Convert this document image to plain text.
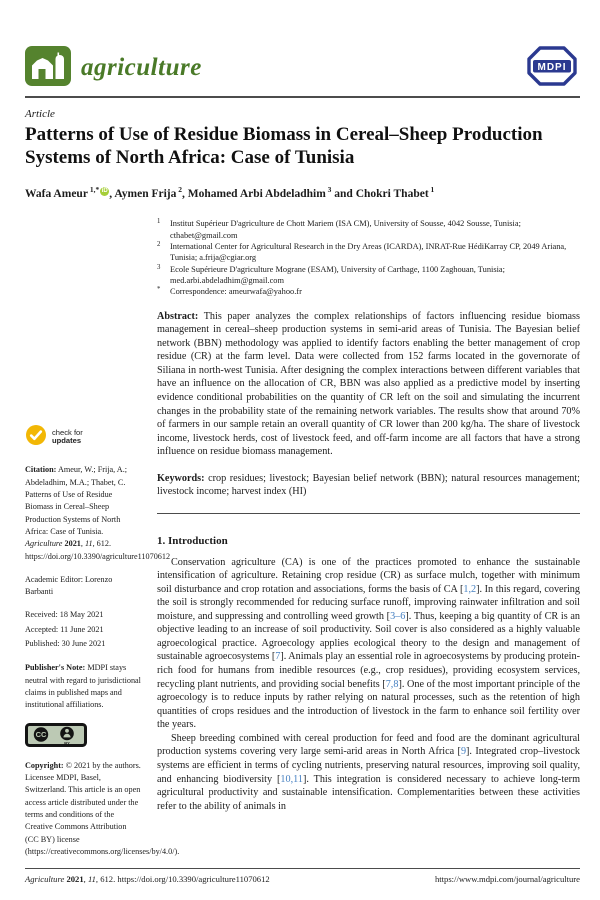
agriculture	MDPI
Article
Patterns of Use of Residue Biomass in Cereal–Sheep Production Systems of North Africa: Case of Tunisia
Wafa Ameur $^{1,*}$ iD , Aymen Frija $^2$, Mohamed Arbi Abdeladhim $^3$ and Chokri Thabet $^1$
check for
updates

Citation: Ameur, W.; Frija, A.; Abdeladhim, M.A.; Thabet, C. Patterns of Use of Residue Biomass in Cereal–Sheep Production Systems of North Africa: Case of Tunisia. Agriculture 2021, 11, 612. https://doi.org/10.3390/agriculture11070612

Academic Editor: Lorenzo Barbanti

Received: 18 May 2021

Accepted: 11 June 2021

Published: 30 June 2021

Publisher's Note: MDPI stays neutral with regard to jurisdictional claims in published maps and institutional affiliations.

CC
BY

Copyright: © 2021 by the authors. Licensee MDPI, Basel, Switzerland. This article is an open access article distributed under the terms and conditions of the Creative Commons Attribution (CC BY) license (https://creativecommons.org/licenses/by/4.0/).

1	Institut Supérieur D'agriculture de Chott Mariem (ISA CM), University of Sousse, 4042 Sousse, Tunisia; cthabet@gmail.com
2	International Center for Agricultural Research in the Dry Areas (ICARDA), INRAT-Rue HédiKarray CP, 2049 Ariana, Tunisia; a.frija@cgiar.org
3	Ecole Supérieure D'agriculture Mograne (ESAM), University of Carthage, 1100 Zaghouan, Tunisia; med.arbi.abdeladhim@gmail.com
*	Correspondence: ameurwafa@yahoo.fr

Abstract: This paper analyzes the complex relationships of factors influencing residue biomass management in cereal–sheep production systems in semi-arid areas of Tunisia. The Bayesian belief network (BBN) methodology was applied to identify factors enabling the better management of crop residue (CR) at the farm level. Data were collected from 152 farms located in the governorate of Siliana in north-west Tunisia. After designing the complex interactions between different variables that have an influence on the allocation of CR, BBN was also applied as a predictive model by inserting evidence conditional probabilities on the quantity of CR left on the soil and simulating the incurrent changes in the probability state of the remaining network variables. The results show that around 70% of farmers in our sample retain an overall quantity of CR lower than 200 kg/ha. The share of livestock income, livestock herds, cost of livestock feed, and off-farm income are all factors that have a strong influence on residue biomass management.

Keywords: crop residues; livestock; Bayesian belief network (BBN); natural resources management; livestock income; harvest index (HI)

1. Introduction

Conservation agriculture (CA) is one of the practices promoted to enhance the sustainable intensification of agriculture. Retaining crop residue (CR) as surface mulch, together with minimum soil disturbance and crop rotation and associations, forms the basis of CA [1,2]. In this regard, covering the soil is strongly recommended for reducing surface runoff, improving rainwater infiltration and soil moisture, and suppressing and controlling weed growth [3–6]. Thus, keeping a big quantity of CR is an objective leading to an increase of soil productivity. Soil cover is also considered as a highly valuable agroecological practice. Agroecology applies ecological theory to the design and management of sustainable agroecosystems [7]. Animals play an essential role in agroecosystems by producing protein-rich food for humans from inedible resources (e.g., crop residues), providing ecosystem services, recycling plant nutrients, and providing social benefits [7,8]. One of the most important principle of the agroecology is to reduce inputs by rather relying on natural processes, such as the retention of high quantities of crops residues and the introduction of livestock in the farm to enhance soil fertility over the years.

Sheep breeding combined with cereal production for feed and food are the dominant agricultural production systems covering very large semi-arid areas in North Africa [9]. Integrated crop–livestock systems are efficient in terms of cycling nutrients, preserving natural resources, improving soil quality, and enhancing biodiversity [10,11]. This integration is considered necessary to achieve long-term agricultural productivity and sustainable intensification. Complementarities between these activities refer to the ability of animals in

Agriculture 2021, 11, 612. https://doi.org/10.3390/agriculture11070612	https://www.mdpi.com/journal/agriculture
